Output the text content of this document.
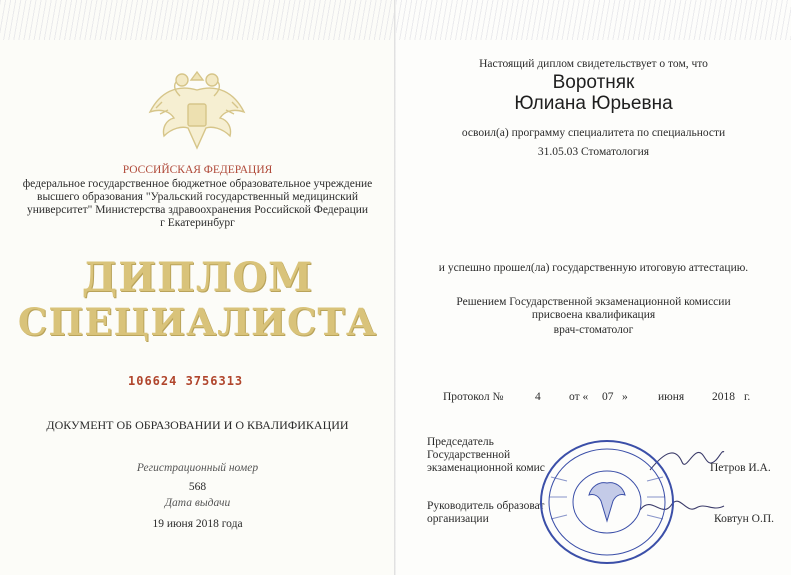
РОССИЙСКАЯ ФЕДЕРАЦИЯ
федеральное государственное бюджетное образовательное учреждение
высшего образования "Уральский государственный медицинский
университет" Министерства здравоохранения Российской Федерации
г Екатеринбург
ДИПЛОМ
СПЕЦИАЛИСТА
106624 3756313
ДОКУМЕНТ ОБ ОБРАЗОВАНИИ И О КВАЛИФИКАЦИИ
Регистрационный номер
568
Дата выдачи
19 июня 2018 года
Настоящий диплом свидетельствует о том, что
Воротняк
Юлиана Юрьевна
освоил(а) программу специалитета по специальности
31.05.03 Стоматология
и успешно прошел(ла) государственную итоговую аттестацию.
Решением Государственной экзаменационной комиссии
присвоена квалификация
врач-стоматолог
Протокол №	4 от « 07 »	июня 2018 г.
Председатель
Государственной
экзаменационной комис	Петров И.А.
Руководитель образоват
организации	Ковтун О.П.
